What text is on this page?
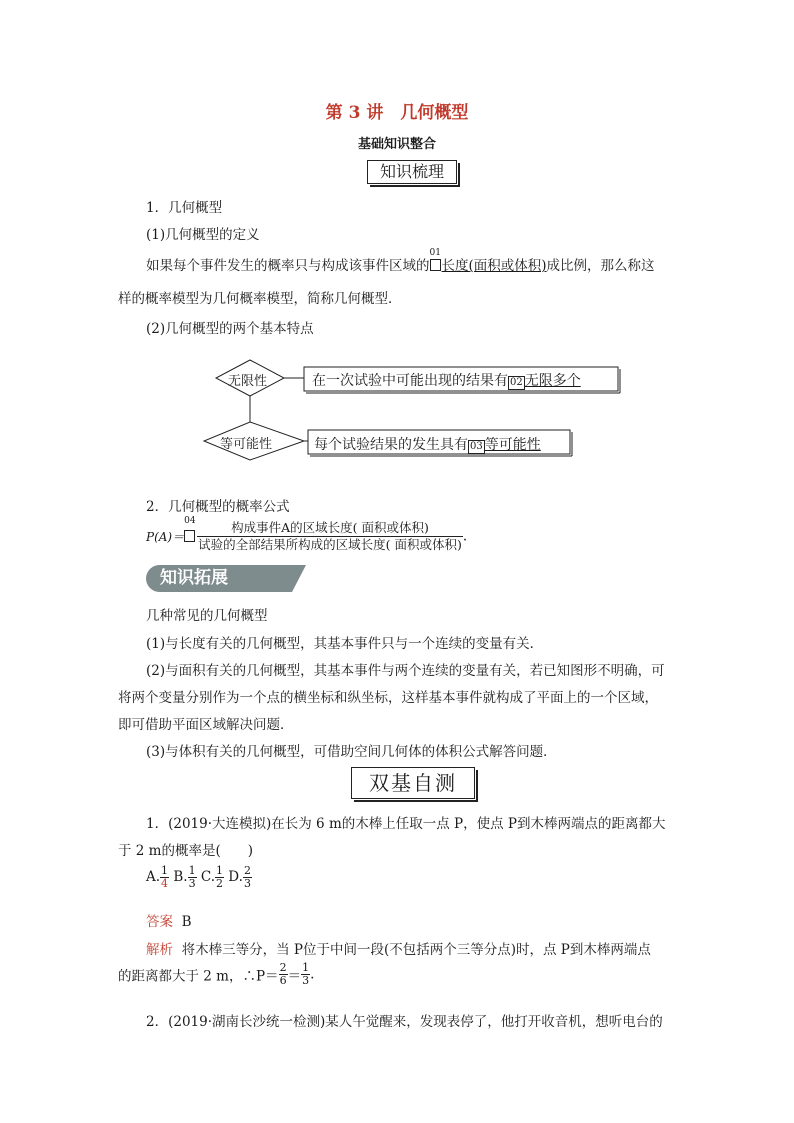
第 3 讲　几何概型
基础知识整合
知识梳理
1．几何概型
(1)几何概型的定义
如果每个事件发生的概率只与构成该事件区域的
01
长度(面积或体积)成比例，那么称这
样的概率模型为几何概率模型，简称几何概型．
(2)几何概型的两个基本特点
无限性
等可能性
在一次试验中可能出现的结果有 02 无限多个
每个试验结果的发生具有 03 等可能性
2．几何概型的概率公式
P(A)＝
$04 \frac{\text{构成事件A的区域长度( 面积或体积)}}{\text{试验的全部结果所构成的区域长度( 面积或体积)}}$ .
知识拓展
几种常见的几何概型
(1)与长度有关的几何概型，其基本事件只与一个连续的变量有关．
(2)与面积有关的几何概型，其基本事件与两个连续的变量有关，若已知图形不明确，可
将两个变量分别作为一个点的横坐标和纵坐标，这样基本事件就构成了平面上的一个区域，
即可借助平面区域解决问题．
(3)与体积有关的几何概型，可借助空间几何体的体积公式解答问题．
双基自测
1．(2019·大连模拟)在长为 6 m的木棒上任取一点 P，使点 P到木棒两端点的距离都大
于 2 m的概率是(　　)
A. $\frac{1}{4} B$. $\frac{1}{3} C$. $\frac{1}{2} D$. $\frac{2}{3}$
答案 B
解析 将木棒三等分，当 P位于中间一段(不包括两个三等分点)时，点 P到木棒两端点
的距离都大于 2 m，∴P＝ $\frac{2}{6} = \frac{1}{3}$ .
2．(2019·湖南长沙统一检测)某人午觉醒来，发现表停了，他打开收音机，想听电台的
